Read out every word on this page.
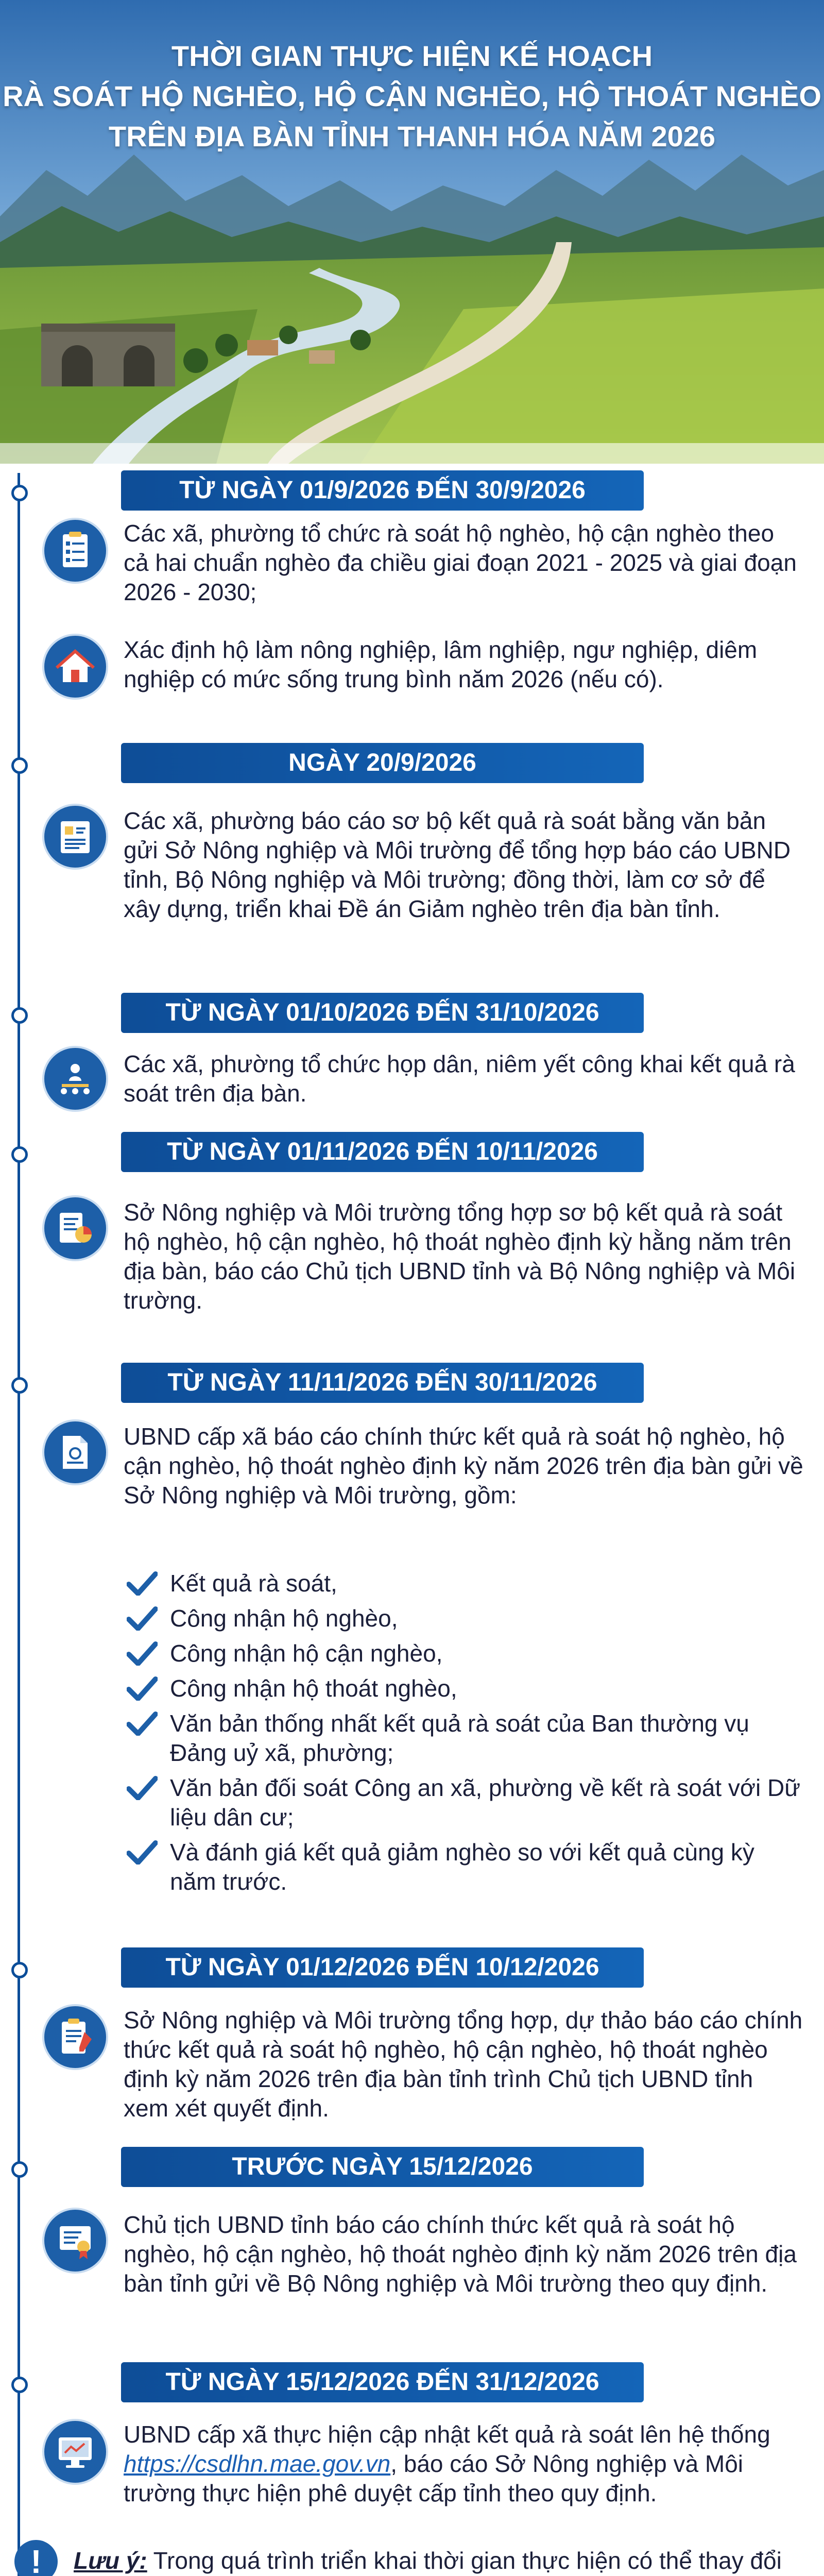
THỜI GIAN THỰC HIỆN KẾ HOẠCH
RÀ SOÁT HỘ NGHÈO, HỘ CẬN NGHÈO, HỘ THOÁT NGHÈO
TRÊN ĐỊA BÀN TỈNH THANH HÓA NĂM 2026
TỪ NGÀY 01/9/2026 ĐẾN 30/9/2026
Các xã, phường tổ chức rà soát hộ nghèo, hộ cận nghèo theo cả hai chuẩn nghèo đa chiều giai đoạn 2021 - 2025 và giai đoạn 2026 - 2030;
Xác định hộ làm nông nghiệp, lâm nghiệp, ngư nghiệp, diêm nghiệp có mức sống trung bình năm 2026 (nếu có).
NGÀY 20/9/2026
Các xã, phường báo cáo sơ bộ kết quả rà soát bằng văn bản gửi Sở Nông nghiệp và Môi trường để tổng hợp báo cáo UBND tỉnh, Bộ Nông nghiệp và Môi trường; đồng thời, làm cơ sở để xây dựng, triển khai Đề án Giảm nghèo trên địa bàn tỉnh.
TỪ NGÀY 01/10/2026 ĐẾN 31/10/2026
Các xã, phường tổ chức họp dân, niêm yết công khai kết quả rà soát trên địa bàn.
TỪ NGÀY 01/11/2026 ĐẾN 10/11/2026
Sở Nông nghiệp và Môi trường tổng hợp sơ bộ kết quả rà soát hộ nghèo, hộ cận nghèo, hộ thoát nghèo định kỳ hằng năm trên địa bàn, báo cáo Chủ tịch UBND tỉnh và Bộ Nông nghiệp và Môi trường.
TỪ NGÀY 11/11/2026 ĐẾN 30/11/2026
UBND cấp xã báo cáo chính thức kết quả rà soát hộ nghèo, hộ cận nghèo, hộ thoát nghèo định kỳ năm 2026 trên địa bàn gửi về Sở Nông nghiệp và Môi trường, gồm:
Kết quả rà soát,
Công nhận hộ nghèo,
Công nhận hộ cận nghèo,
Công nhận hộ thoát nghèo,
Văn bản thống nhất kết quả rà soát của Ban thường vụ Đảng uỷ xã, phường;
Văn bản đối soát Công an xã, phường về kết rà soát với Dữ liệu dân cư;
Và đánh giá kết quả giảm nghèo so với kết quả cùng kỳ năm trước.
TỪ NGÀY 01/12/2026 ĐẾN 10/12/2026
Sở Nông nghiệp và Môi trường tổng hợp, dự thảo báo cáo chính thức kết quả rà soát hộ nghèo, hộ cận nghèo, hộ thoát nghèo định kỳ năm 2026 trên địa bàn tỉnh trình Chủ tịch UBND tỉnh xem xét quyết định.
TRƯỚC NGÀY 15/12/2026
Chủ tịch UBND tỉnh báo cáo chính thức kết quả rà soát hộ nghèo, hộ cận nghèo, hộ thoát nghèo định kỳ năm 2026 trên địa bàn tỉnh gửi về Bộ Nông nghiệp và Môi trường theo quy định.
TỪ NGÀY 15/12/2026 ĐẾN 31/12/2026
UBND cấp xã thực hiện cập nhật kết quả rà soát lên hệ thống https://csdlhn.mae.gov.vn, báo cáo Sở Nông nghiệp và Môi trường thực hiện phê duyệt cấp tỉnh theo quy định.
!	Lưu ý: Trong quá trình triển khai thời gian thực hiện có thể thay đổi
